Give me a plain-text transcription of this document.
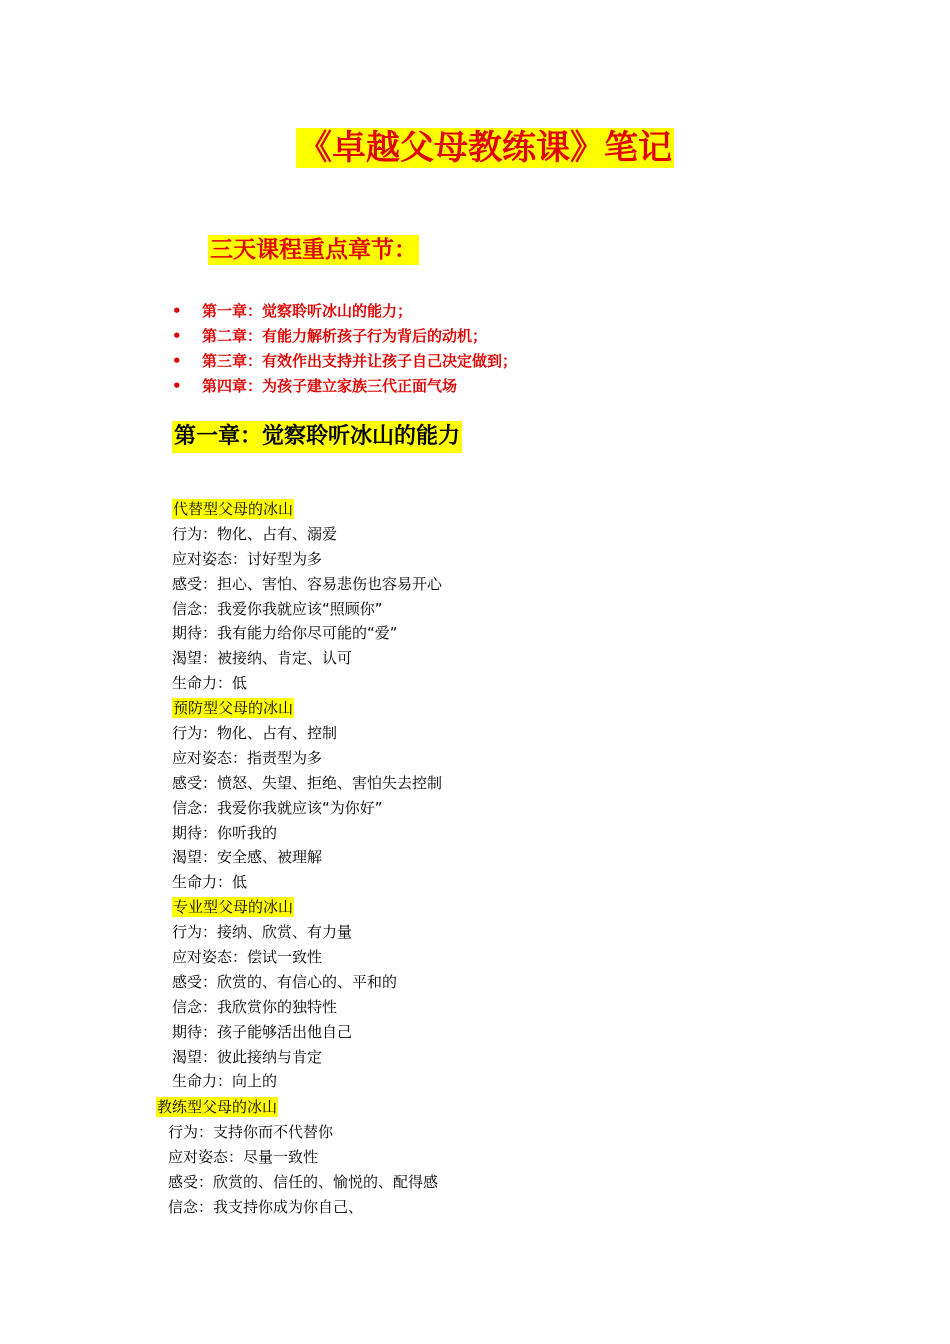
《卓越父母教练课》笔记
三天课程重点章节：
• 第一章：觉察聆听冰山的能力；
• 第二章：有能力解析孩子行为背后的动机；
• 第三章：有效作出支持并让孩子自己决定做到；
• 第四章：为孩子建立家族三代正面气场
第一章：觉察聆听冰山的能力
代替型父母的冰山
行为：物化、占有、溺爱
应对姿态：讨好型为多
感受：担心、害怕、容易悲伤也容易开心
信念：我爱你我就应该“照顾你”
期待：我有能力给你尽可能的“爱”
渴望：被接纳、肯定、认可
生命力：低
预防型父母的冰山
行为：物化、占有、控制
应对姿态：指责型为多
感受：愤怒、失望、拒绝、害怕失去控制
信念：我爱你我就应该“为你好”
期待：你听我的
渴望：安全感、被理解
生命力：低
专业型父母的冰山
行为：接纳、欣赏、有力量
应对姿态：偿试一致性
感受：欣赏的、有信心的、平和的
信念：我欣赏你的独特性
期待：孩子能够活出他自己
渴望：彼此接纳与肯定
生命力：向上的
教练型父母的冰山
行为：支持你而不代替你
应对姿态：尽量一致性
感受：欣赏的、信任的、愉悦的、配得感
信念：我支持你成为你自己、
